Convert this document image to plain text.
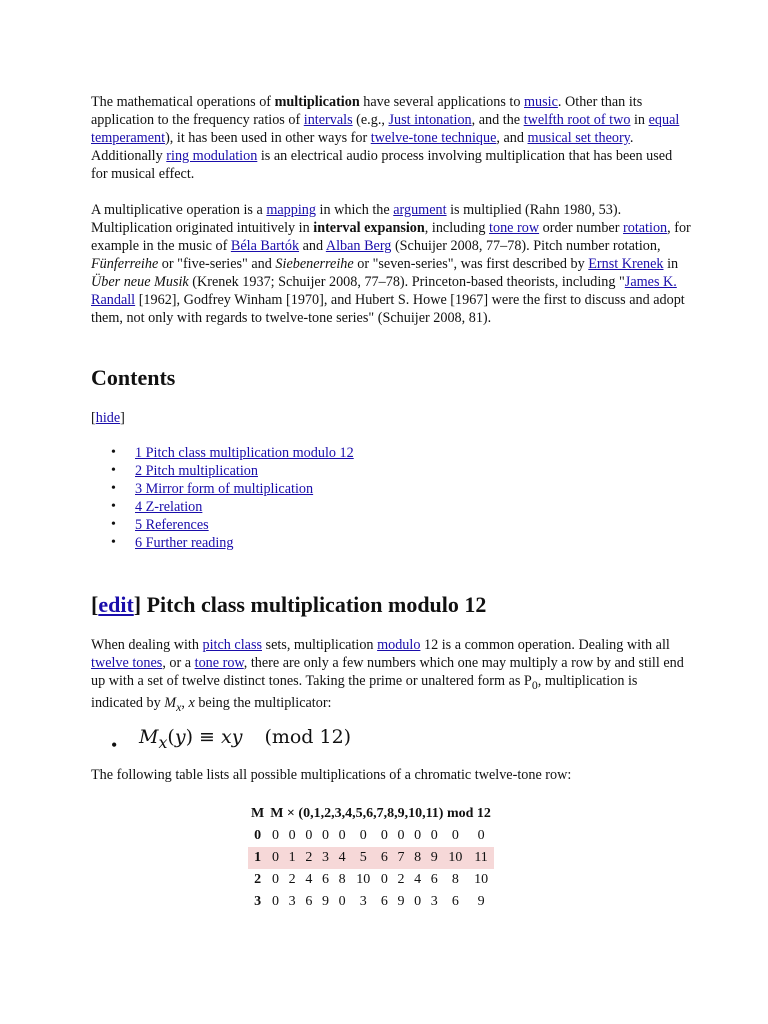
The mathematical operations of multiplication have several applications to music. Other than its application to the frequency ratios of intervals (e.g., Just intonation, and the twelfth root of two in equal temperament), it has been used in other ways for twelve-tone technique, and musical set theory. Additionally ring modulation is an electrical audio process involving multiplication that has been used for musical effect.

A multiplicative operation is a mapping in which the argument is multiplied (Rahn 1980, 53). Multiplication originated intuitively in interval expansion, including tone row order number rotation, for example in the music of Béla Bartók and Alban Berg (Schuijer 2008, 77–78). Pitch number rotation, Fünferreihe or "five-series" and Siebenerreihe or "seven-series", was first described by Ernst Krenek in Über neue Musik (Krenek 1937; Schuijer 2008, 77–78). Princeton-based theorists, including "James K. Randall [1962], Godfrey Winham [1970], and Hubert S. Howe [1967] were the first to discuss and adopt them, not only with regards to twelve-tone series" (Schuijer 2008, 81).

Contents
[hide]
• 1 Pitch class multiplication modulo 12
• 2 Pitch multiplication
• 3 Mirror form of multiplication
• 4 Z-relation
• 5 References
• 6 Further reading
[edit] Pitch class multiplication modulo 12

When dealing with pitch class sets, multiplication modulo 12 is a common operation. Dealing with all twelve tones, or a tone row, there are only a few numbers which one may multiply a row by and still end up with a set of twelve distinct tones. Taking the prime or unaltered form as $P_0$, multiplication is indicated by $M_x$, x being the multiplicator:

• $M_x(y)$ ≡ xy (mod 12)

The following table lists all possible multiplications of a chromatic twelve-tone row:

M	M × (0,1,2,3,4,5,6,7,8,9,10,11) mod 12											
0	0	0	0	0	0	0	0	0	0	0	0	0
1	0	1	2	3	4	5	6	7	8	9	10	11
2	0	2	4	6	8	10	0	2	4	6	8	10
3	0	3	6	9	0	3	6	9	0	3	6	9
